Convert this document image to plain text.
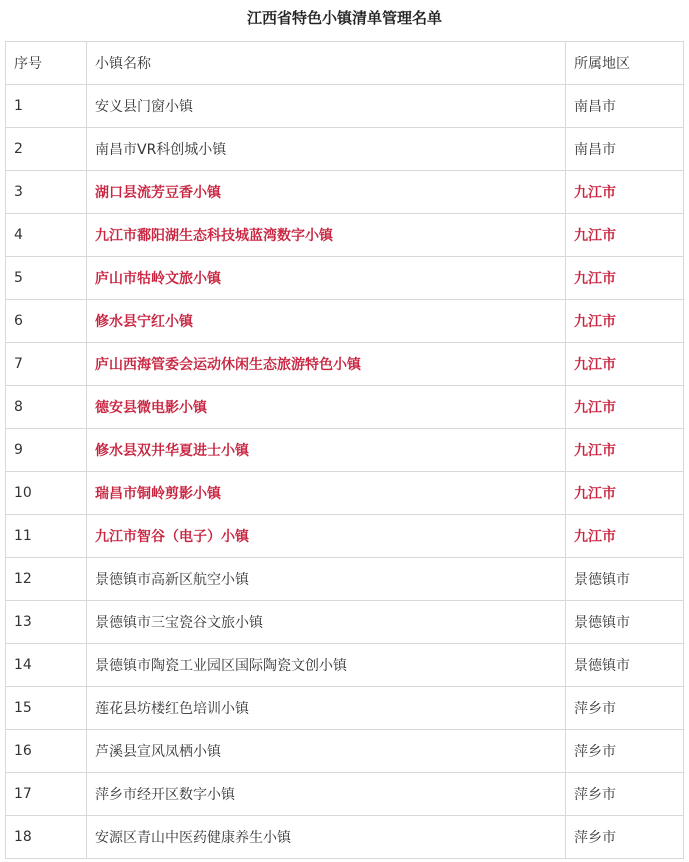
江西省特色小镇清单管理名单
序号	小镇名称	所属地区
1	安义县门窗小镇	南昌市
2	南昌市VR科创城小镇	南昌市
3	湖口县流芳豆香小镇	九江市
4	九江市鄱阳湖生态科技城蓝湾数字小镇	九江市
5	庐山市牯岭文旅小镇	九江市
6	修水县宁红小镇	九江市
7	庐山西海管委会运动休闲生态旅游特色小镇	九江市
8	德安县微电影小镇	九江市
9	修水县双井华夏进士小镇	九江市
10	瑞昌市铜岭剪影小镇	九江市
11	九江市智谷（电子）小镇	九江市
12	景德镇市高新区航空小镇	景德镇市
13	景德镇市三宝瓷谷文旅小镇	景德镇市
14	景德镇市陶瓷工业园区国际陶瓷文创小镇	景德镇市
15	莲花县坊楼红色培训小镇	萍乡市
16	芦溪县宣风凤栖小镇	萍乡市
17	萍乡市经开区数字小镇	萍乡市
18	安源区青山中医药健康养生小镇	萍乡市
